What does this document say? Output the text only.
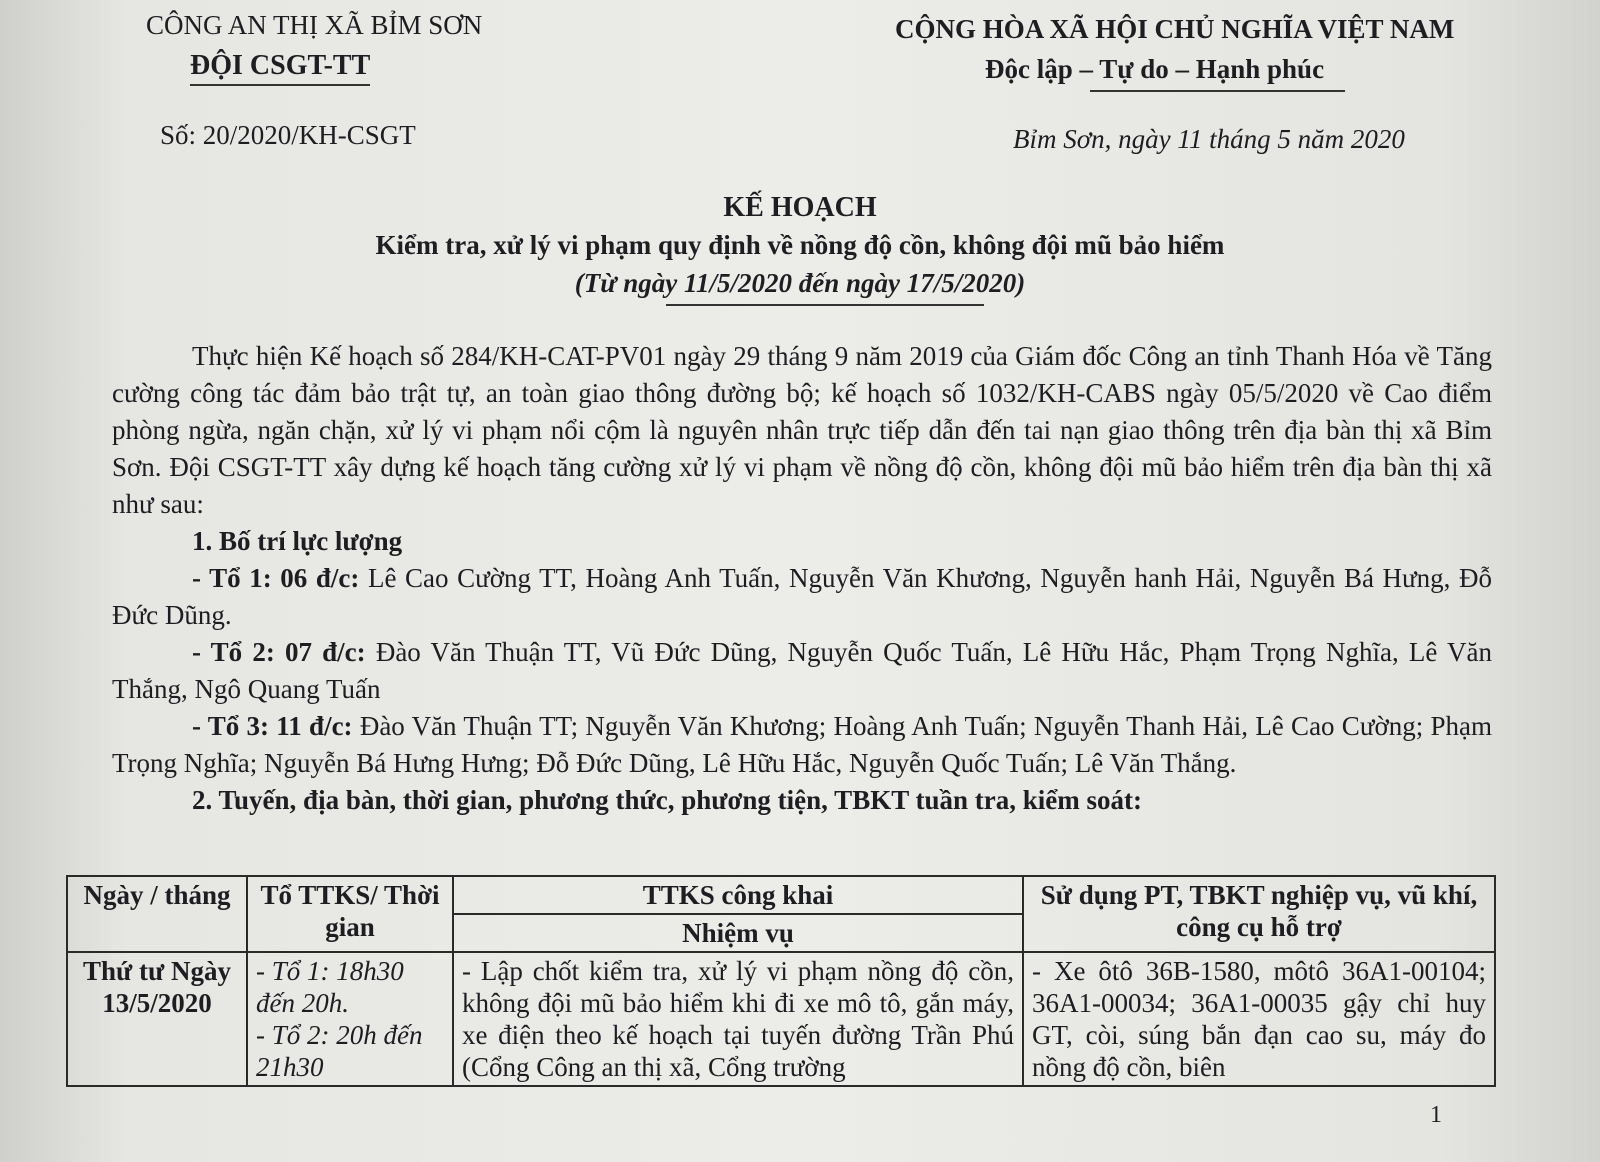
CÔNG AN THỊ XÃ BỈM SƠN
ĐỘI CSGT-TT
CỘNG HÒA XÃ HỘI CHỦ NGHĨA VIỆT NAM
Độc lập – Tự do – Hạnh phúc
Số: 20/2020/KH-CSGT	Bỉm Sơn, ngày 11 tháng 5 năm 2020
KẾ HOẠCH
Kiểm tra, xử lý vi phạm quy định về nồng độ cồn, không đội mũ bảo hiểm
(Từ ngày 11/5/2020 đến ngày 17/5/2020)

Thực hiện Kế hoạch số 284/KH-CAT-PV01 ngày 29 tháng 9 năm 2019 của Giám đốc Công an tỉnh Thanh Hóa về Tăng cường công tác đảm bảo trật tự, an toàn giao thông đường bộ; kế hoạch số 1032/KH-CABS ngày 05/5/2020 về Cao điểm phòng ngừa, ngăn chặn, xử lý vi phạm nổi cộm là nguyên nhân trực tiếp dẫn đến tai nạn giao thông trên địa bàn thị xã Bỉm Sơn. Đội CSGT-TT xây dựng kế hoạch tăng cường xử lý vi phạm về nồng độ cồn, không đội mũ bảo hiểm trên địa bàn thị xã như sau:

1. Bố trí lực lượng

- Tổ 1: 06 đ/c: Lê Cao Cường TT, Hoàng Anh Tuấn, Nguyễn Văn Khương, Nguyễn hanh Hải, Nguyễn Bá Hưng, Đỗ Đức Dũng.

- Tổ 2: 07 đ/c: Đào Văn Thuận TT, Vũ Đức Dũng, Nguyễn Quốc Tuấn, Lê Hữu Hắc, Phạm Trọng Nghĩa, Lê Văn Thắng, Ngô Quang Tuấn

- Tổ 3: 11 đ/c: Đào Văn Thuận TT; Nguyễn Văn Khương; Hoàng Anh Tuấn; Nguyễn Thanh Hải, Lê Cao Cường; Phạm Trọng Nghĩa; Nguyễn Bá Hưng Hưng; Đỗ Đức Dũng, Lê Hữu Hắc, Nguyễn Quốc Tuấn; Lê Văn Thắng.

2. Tuyến, địa bàn, thời gian, phương thức, phương tiện, TBKT tuần tra, kiểm soát:

Ngày / tháng	Tổ TTKS/ Thời gian	TTKS công khai	Sử dụng PT, TBKT nghiệp vụ, vũ khí, công cụ hỗ trợ
		Nhiệm vụ	
Thứ tư Ngày 13/5/2020	- Tổ 1: 18h30 đến 20h.
- Tổ 2: 20h đến 21h30	- Lập chốt kiểm tra, xử lý vi phạm nồng độ cồn, không đội mũ bảo hiểm khi đi xe mô tô, gắn máy, xe điện theo kế hoạch tại tuyến đường Trần Phú (Cổng Công an thị xã, Cổng trường	- Xe ôtô 36B-1580, môtô 36A1-00104; 36A1-00034; 36A1-00035 gậy chỉ huy GT, còi, súng bắn đạn cao su, máy đo nồng độ cồn, biên
1
